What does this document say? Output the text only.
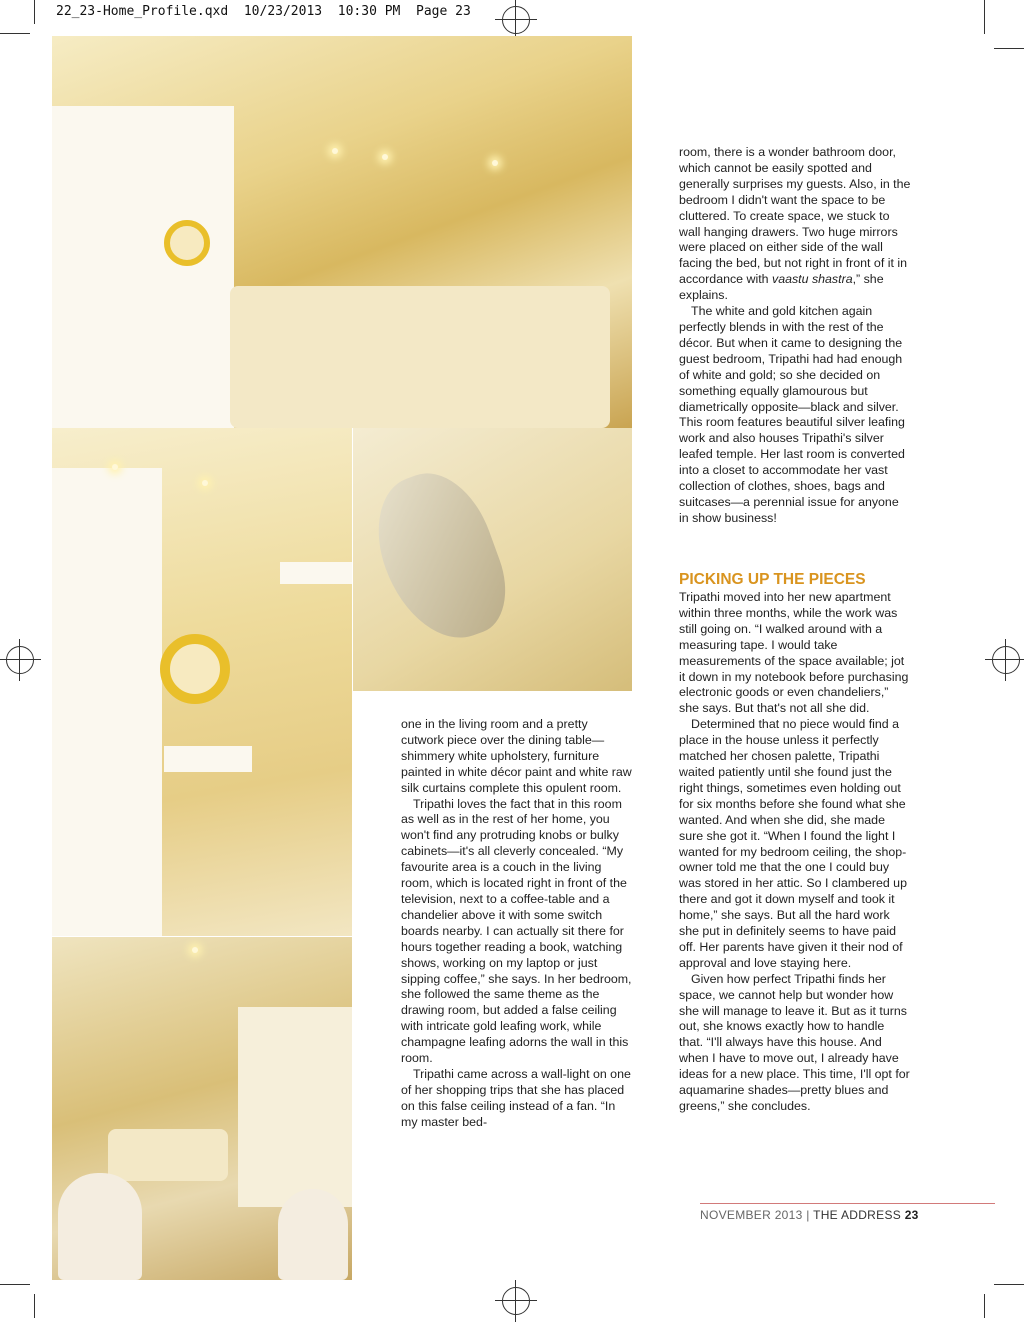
22_23-Home_Profile.qxd  10/23/2013  10:30 PM  Page 23

one in the living room and a pretty cutwork piece over the dining table—shimmery white upholstery, furniture painted in white décor paint and white raw silk curtains complete this opulent room.

Tripathi loves the fact that in this room as well as in the rest of her home, you won't find any protruding knobs or bulky cabinets—it's all cleverly concealed. “My favourite area is a couch in the living room, which is located right in front of the television, next to a coffee-table and a chandelier above it with some switch boards nearby. I can actually sit there for hours together reading a book, watching shows, working on my laptop or just sipping coffee,” she says. In her bedroom, she followed the same theme as the drawing room, but added a false ceiling with intricate gold leafing work, while champagne leafing adorns the wall in this room.

Tripathi came across a wall-light on one of her shopping trips that she has placed on this false ceiling instead of a fan. “In my master bed-

room, there is a wonder bathroom door, which cannot be easily spotted and generally surprises my guests. Also, in the bedroom I didn't want the space to be cluttered. To create space, we stuck to wall hanging drawers. Two huge mirrors were placed on either side of the wall facing the bed, but not right in front of it in accordance with vaastu shastra,” she explains.

The white and gold kitchen again perfectly blends in with the rest of the décor. But when it came to designing the guest bedroom, Tripathi had had enough of white and gold; so she decided on something equally glamourous but diametrically opposite—black and silver. This room features beautiful silver leafing work and also houses Tripathi's silver leafed temple. Her last room is converted into a closet to accommodate her vast collection of clothes, shoes, bags and suitcases—a perennial issue for anyone in show business!

PICKING UP THE PIECES

Tripathi moved into her new apartment within three months, while the work was still going on. “I walked around with a measuring tape. I would take measurements of the space available; jot it down in my notebook before purchasing electronic goods or even chandeliers,” she says. But that's not all she did.

Determined that no piece would find a place in the house unless it perfectly matched her chosen palette, Tripathi waited patiently until she found just the right things, sometimes even holding out for six months before she found what she wanted. And when she did, she made sure she got it. “When I found the light I wanted for my bedroom ceiling, the shop-owner told me that the one I could buy was stored in her attic. So I clambered up there and got it down myself and took it home,” she says. But all the hard work she put in definitely seems to have paid off. Her parents have given it their nod of approval and love staying here.

Given how perfect Tripathi finds her space, we cannot help but wonder how she will manage to leave it. But as it turns out, she knows exactly how to handle that. “I'll always have this house. And when I have to move out, I already have ideas for a new place. This time, I'll opt for aquamarine shades—pretty blues and greens,” she concludes.

NOVEMBER 2013 | THE ADDRESS 23
